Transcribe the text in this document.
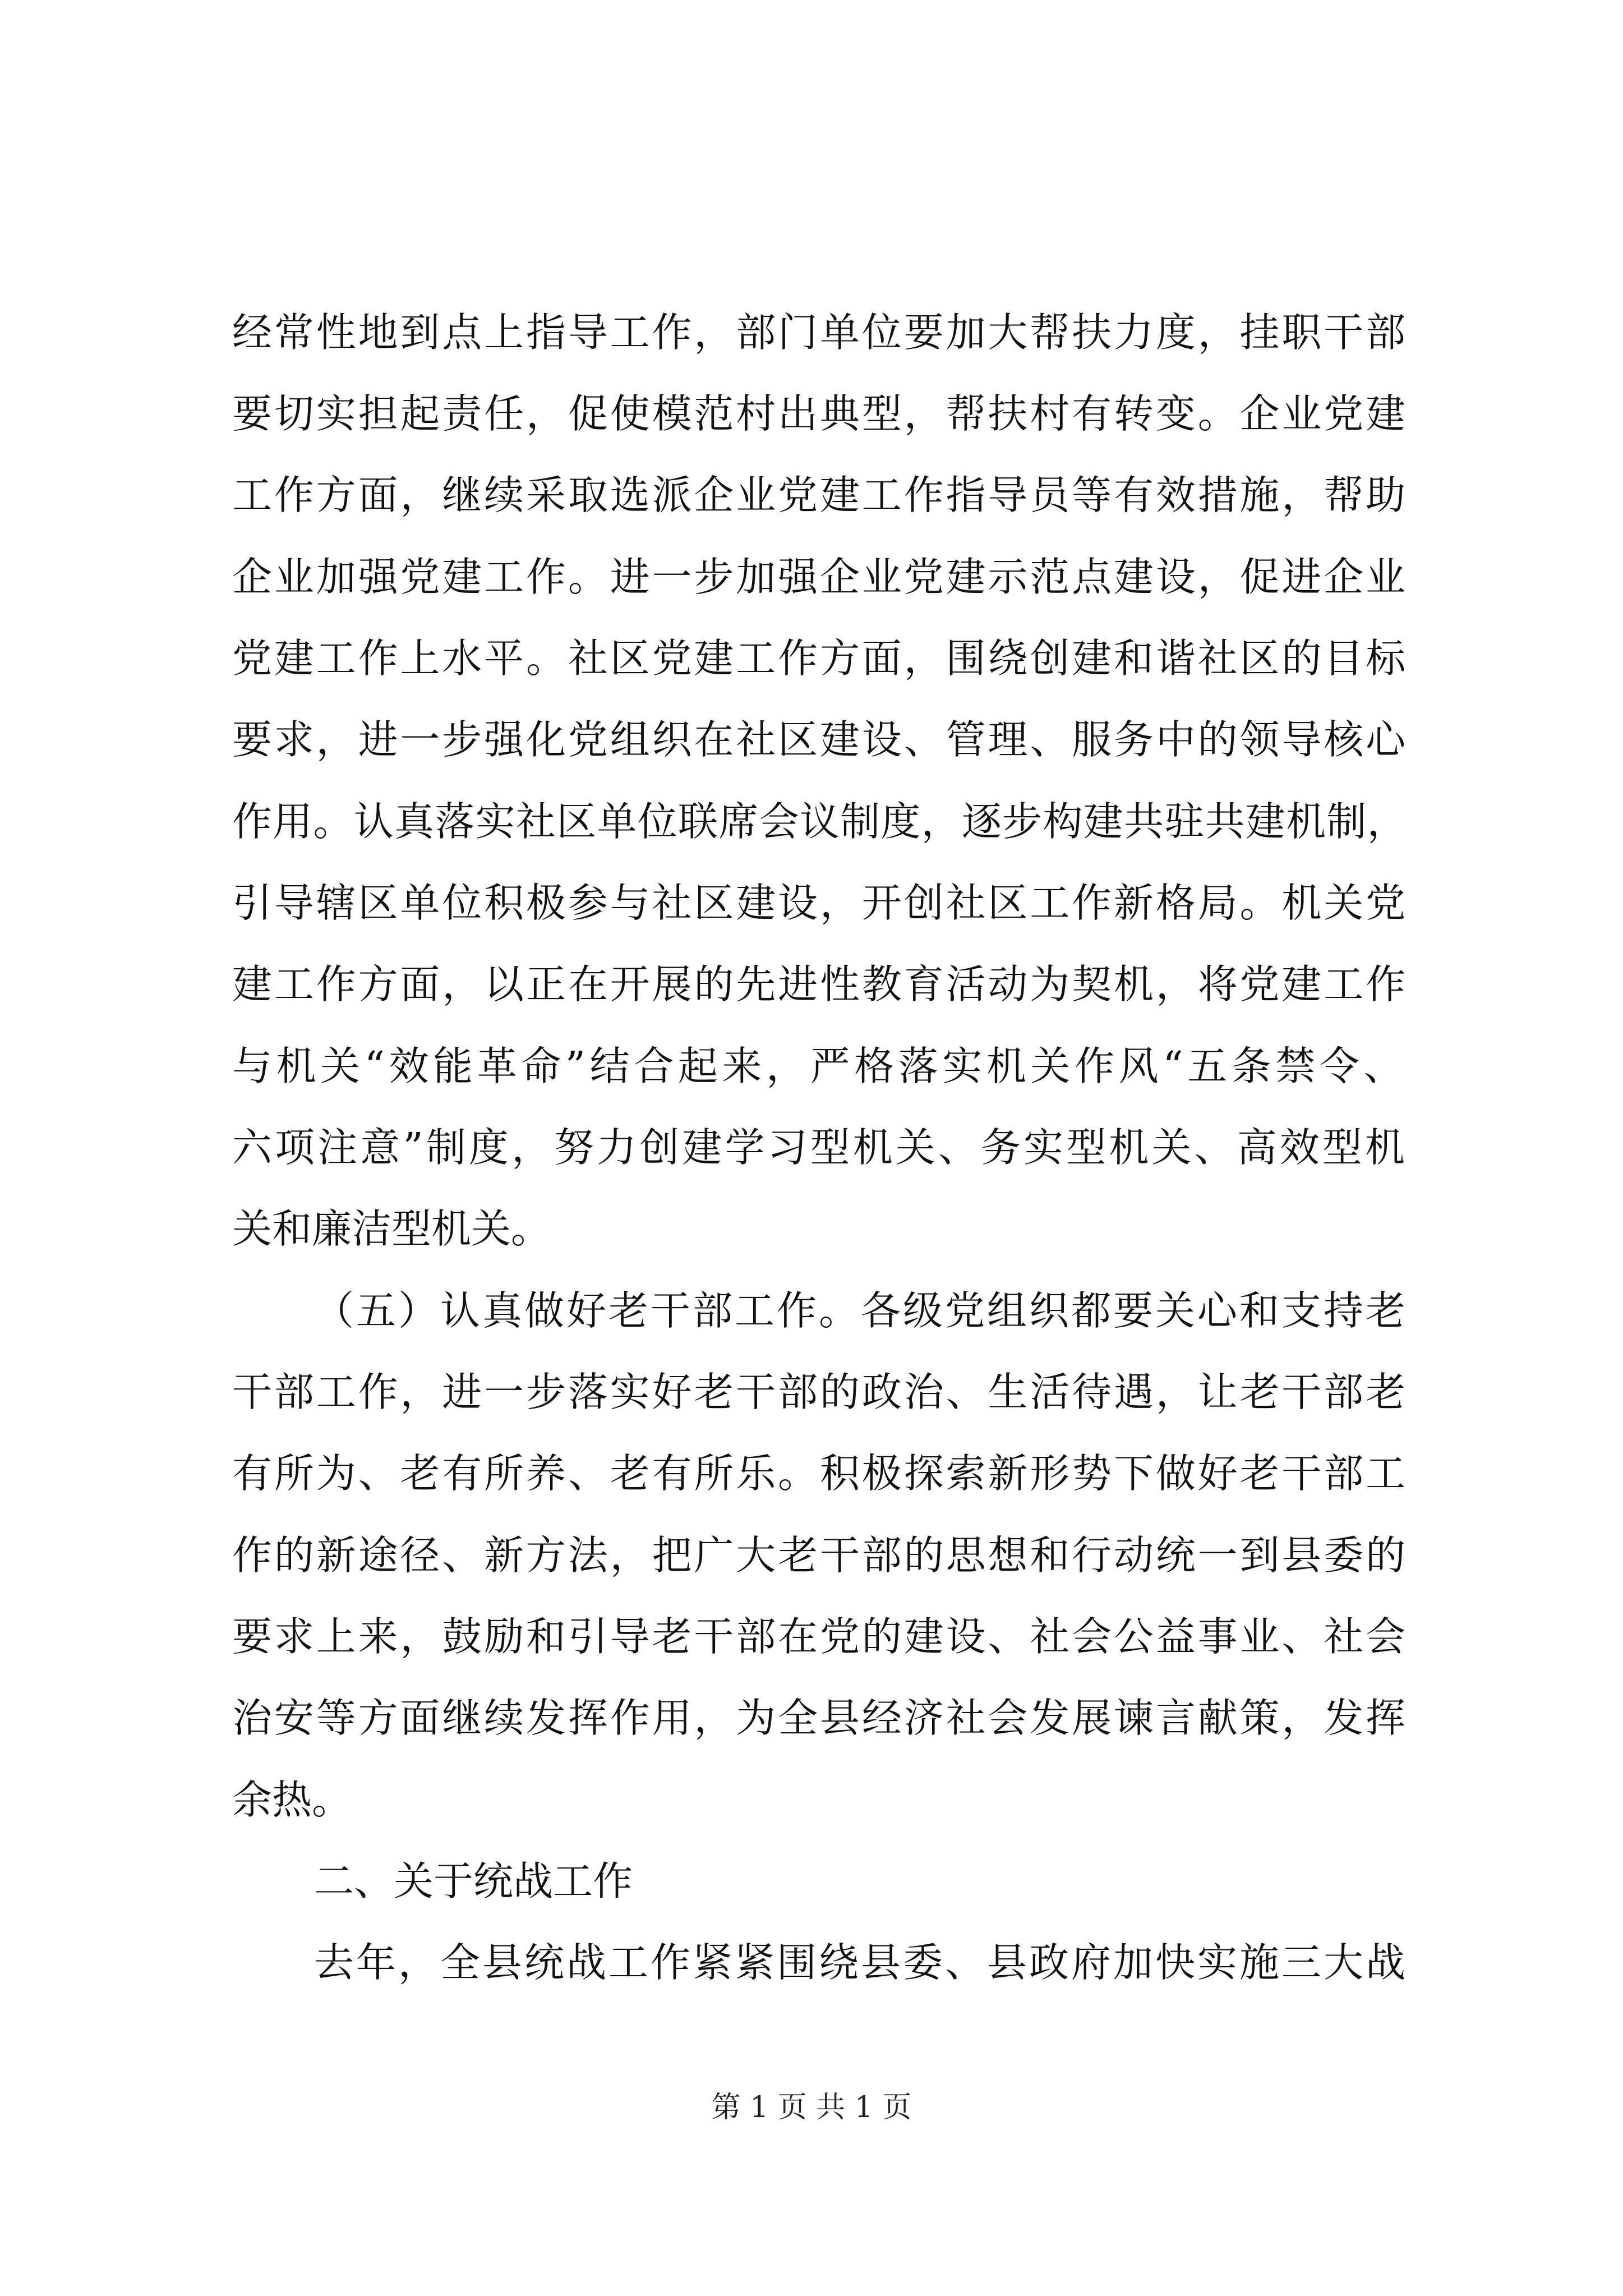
经常性地到点上指导工作，部门单位要加大帮扶力度，挂职干部
要切实担起责任，促使模范村出典型，帮扶村有转变。企业党建
工作方面，继续采取选派企业党建工作指导员等有效措施，帮助
企业加强党建工作。进一步加强企业党建示范点建设，促进企业
党建工作上水平。社区党建工作方面，围绕创建和谐社区的目标
要求，进一步强化党组织在社区建设、管理、服务中的领导核心
作用。认真落实社区单位联席会议制度，逐步构建共驻共建机制，
引导辖区单位积极参与社区建设，开创社区工作新格局。机关党
建工作方面，以正在开展的先进性教育活动为契机，将党建工作
与机关“效能革命”结合起来，严格落实机关作风“五条禁令、
六项注意”制度，努力创建学习型机关、务实型机关、高效型机
关和廉洁型机关。
（五）认真做好老干部工作。各级党组织都要关心和支持老
干部工作，进一步落实好老干部的政治、生活待遇，让老干部老
有所为、老有所养、老有所乐。积极探索新形势下做好老干部工
作的新途径、新方法，把广大老干部的思想和行动统一到县委的
要求上来，鼓励和引导老干部在党的建设、社会公益事业、社会
治安等方面继续发挥作用，为全县经济社会发展谏言献策，发挥
余热。
二、关于统战工作
去年，全县统战工作紧紧围绕县委、县政府加快实施三大战
第 1 页 共 1 页
